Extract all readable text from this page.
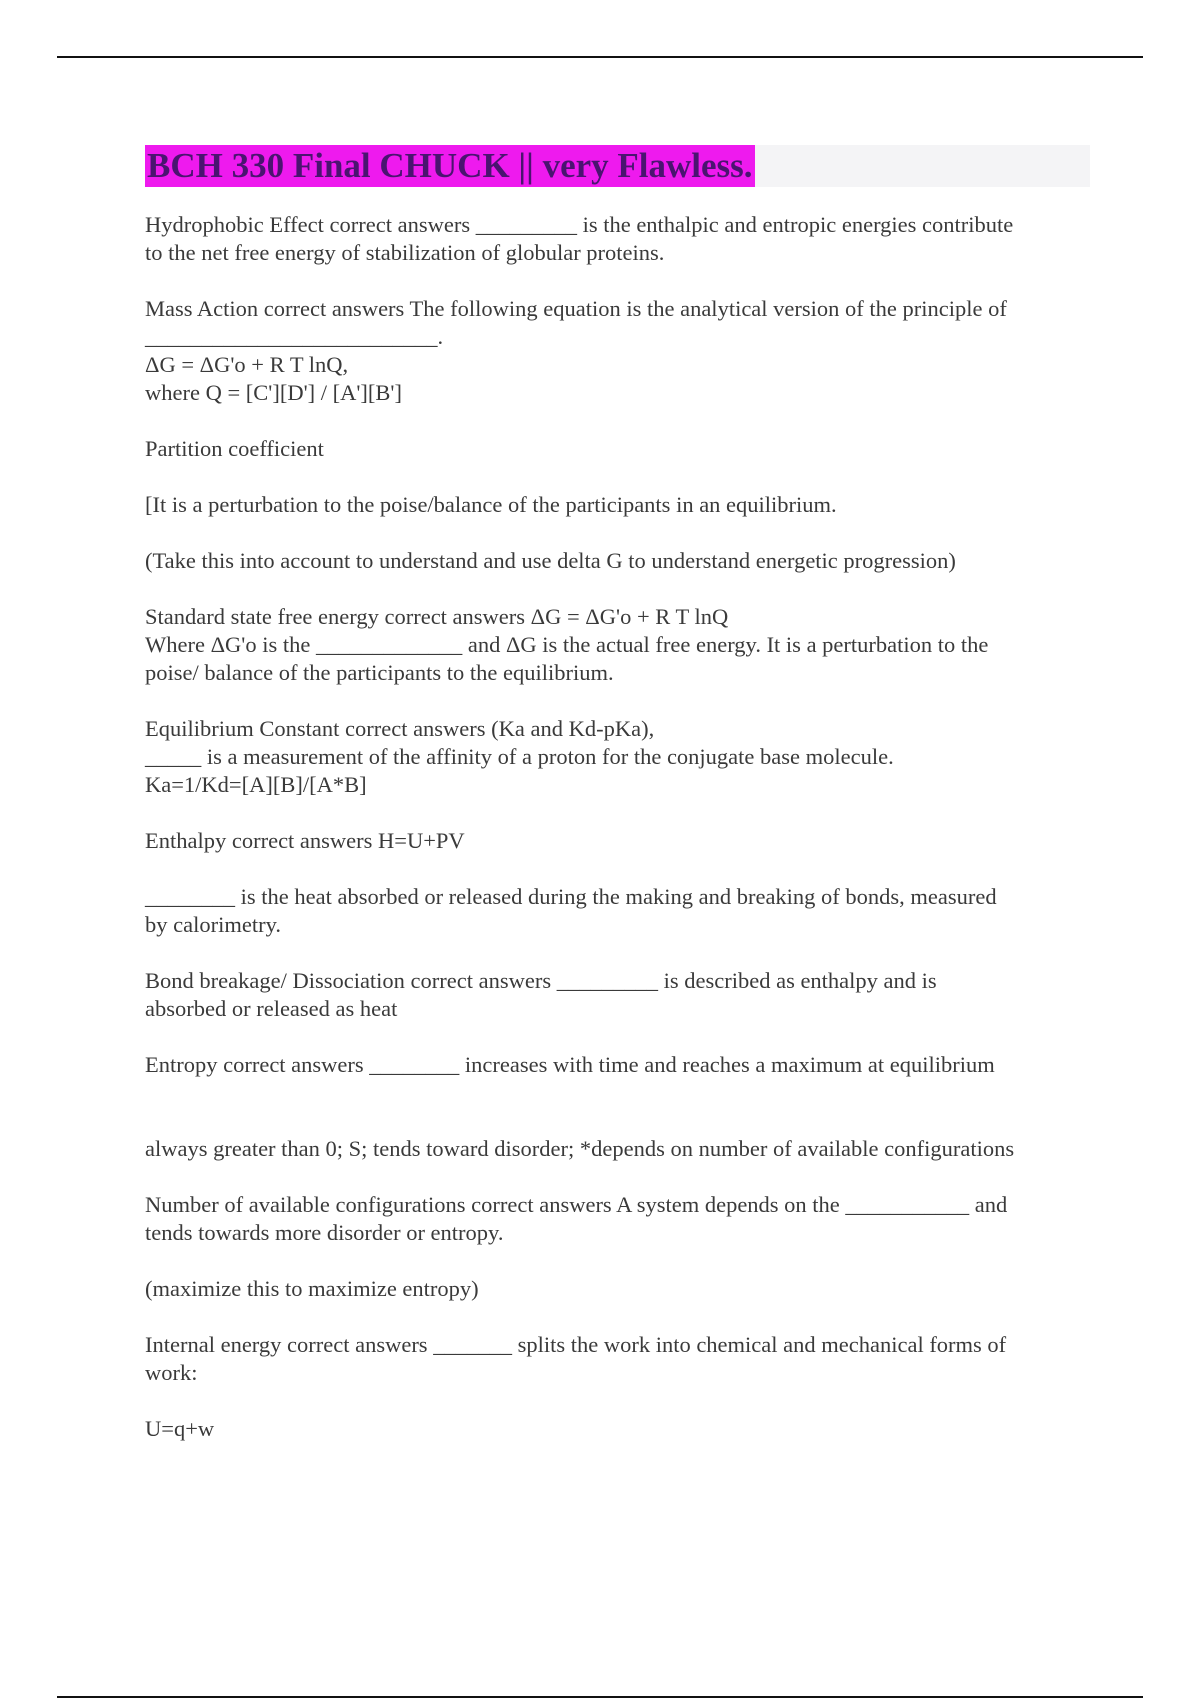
BCH 330 Final CHUCK || very Flawless.
Hydrophobic Effect correct answers _________ is the enthalpic and entropic energies contribute
to the net free energy of stabilization of globular proteins.
Mass Action correct answers The following equation is the analytical version of the principle of
__________________________.
ΔG = ΔG'o + R T lnQ,
where Q = [C'][D'] / [A'][B']
Partition coefficient
[It is a perturbation to the poise/balance of the participants in an equilibrium.
(Take this into account to understand and use delta G to understand energetic progression)
Standard state free energy correct answers ΔG = ΔG'o + R T lnQ
Where ΔG'o is the _____________ and ΔG is the actual free energy. It is a perturbation to the
poise/ balance of the participants to the equilibrium.
Equilibrium Constant correct answers (Ka and Kd-pKa),
_____ is a measurement of the affinity of a proton for the conjugate base molecule.
Ka=1/Kd=[A][B]/[A*B]
Enthalpy correct answers H=U+PV
________ is the heat absorbed or released during the making and breaking of bonds, measured
by calorimetry.
Bond breakage/ Dissociation correct answers _________ is described as enthalpy and is
absorbed or released as heat
Entropy correct answers ________ increases with time and reaches a maximum at equilibrium
always greater than 0; S; tends toward disorder; *depends on number of available configurations
Number of available configurations correct answers A system depends on the ___________ and
tends towards more disorder or entropy.
(maximize this to maximize entropy)
Internal energy correct answers _______ splits the work into chemical and mechanical forms of
work:
U=q+w
